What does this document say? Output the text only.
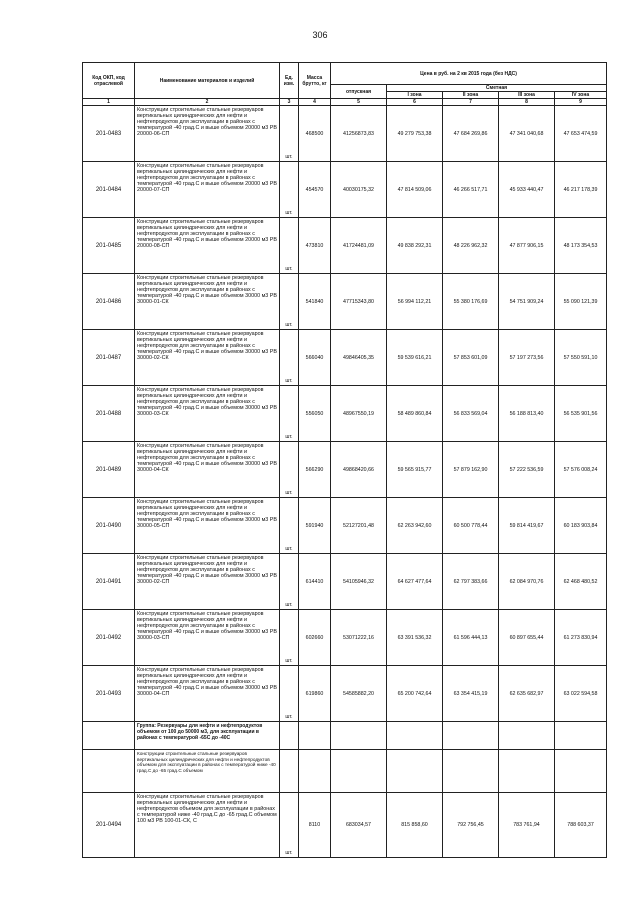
306
Код ОКП, код отраслевой	Наименование материалов и изделий	Ед. изм.	Масса брутто, кг	Цена в руб. на 2 кв 2015 года (без НДС)				
				отпускная	Сметная			
					I зона	II зона	III зона	IV зона
1	2	3	4	5	6	7	8	9
201-0483	Конструкции строительные стальные резервуаров вертикальных цилиндрических для нефти и нефтепродуктов для эксплуатации в районах с температурой -40 град.С и выше объемом 20000 м3 РВ 20000-06-СП	шт.	468500	41256873,83	49 279 753,38	47 684 269,86	47 341 040,68	47 653 474,59
201-0484	Конструкции строительные стальные резервуаров вертикальных цилиндрических для нефти и нефтепродуктов для эксплуатации в районах с температурой -40 град.С и выше объемом 20000 м3 РВ 20000-07-СП	шт.	454570	40030175,32	47 814 509,06	46 266 517,71	45 933 440,47	46 217 178,39
201-0485	Конструкции строительные стальные резервуаров вертикальных цилиндрических для нефти и нефтепродуктов для эксплуатации в районах с температурой -40 град.С и выше объемом 20000 м3 РВ 20000-08-СП	шт.	473810	41724481,09	49 838 292,31	48 226 962,32	47 877 906,15	48 173 354,53
201-0486	Конструкции строительные стальные резервуаров вертикальных цилиндрических для нефти и нефтепродуктов для эксплуатации в районах с температурой -40 град.С и выше объемом 30000 м3 РВ 30000-01-СК	шт.	541840	47715343,80	56 994 112,21	55 380 176,69	54 751 909,24	55 090 121,39
201-0487	Конструкции строительные стальные резервуаров вертикальных цилиндрических для нефти и нефтепродуктов для эксплуатации в районах с температурой -40 град.С и выше объемом 30000 м3 РВ 30000-02-СК	шт.	566040	49846405,35	59 539 616,21	57 853 601,09	57 197 273,56	57 550 591,10
201-0488	Конструкции строительные стальные резервуаров вертикальных цилиндрических для нефти и нефтепродуктов для эксплуатации в районах с температурой -40 град.С и выше объемом 30000 м3 РВ 30000-03-СК	шт.	556050	48967550,19	58 489 860,84	56 833 569,04	56 188 813,40	56 535 901,56
201-0489	Конструкции строительные стальные резервуаров вертикальных цилиндрических для нефти и нефтепродуктов для эксплуатации в районах с температурой -40 град.С и выше объемом 30000 м3 РВ 30000-04-СК	шт.	566290	49868420,66	59 565 915,77	57 879 162,90	57 222 536,59	57 576 008,24
201-0490	Конструкции строительные стальные резервуаров вертикальных цилиндрических для нефти и нефтепродуктов для эксплуатации в районах с температурой -40 град.С и выше объемом 30000 м3 РВ 30000-05-СП	шт.	591940	52127201,48	62 263 942,60	60 500 778,44	59 814 419,67	60 183 903,84
201-0491	Конструкции строительные стальные резервуаров вертикальных цилиндрических для нефти и нефтепродуктов для эксплуатации в районах с температурой -40 град.С и выше объемом 30000 м3 РВ 30000-02-СП	шт.	614410	54105946,32	64 627 477,64	62 797 383,66	62 084 970,76	62 468 480,52
201-0492	Конструкции строительные стальные резервуаров вертикальных цилиндрических для нефти и нефтепродуктов для эксплуатации в районах с температурой -40 град.С и выше объемом 30000 м3 РВ 30000-03-СП	шт.	602660	53071222,16	63 391 536,32	61 596 444,13	60 897 655,44	61 273 830,94
201-0493	Конструкции строительные стальные резервуаров вертикальных цилиндрических для нефти и нефтепродуктов для эксплуатации в районах с температурой -40 град.С и выше объемом 30000 м3 РВ 30000-04-СП	шт.	619860	54585882,20	65 200 742,64	63 354 415,19	62 635 682,97	63 022 594,58
	Группа: Резервуары для нефти и нефтепродуктов объемом от 100 до 50000 м3, для эксплуатации в районах с температурой -65С до -40С							
	Конструкции строительные стальные резервуаров вертикальных цилиндрических для нефти и нефтепродуктов объемом для эксплуатации в районах с температурой ниже -40 град.С до -65 град.С объемом							
201-0494	Конструкции строительные стальные резервуаров вертикальных цилиндрических для нефти и нефтепродуктов объемом для эксплуатации в районах с температурой ниже -40 град.С до -65 град.С объемом 100 м3 РВ 100-01-СК, С	шт.	8110	683034,57	815 858,60	792 756,45	783 761,94	788 603,37
